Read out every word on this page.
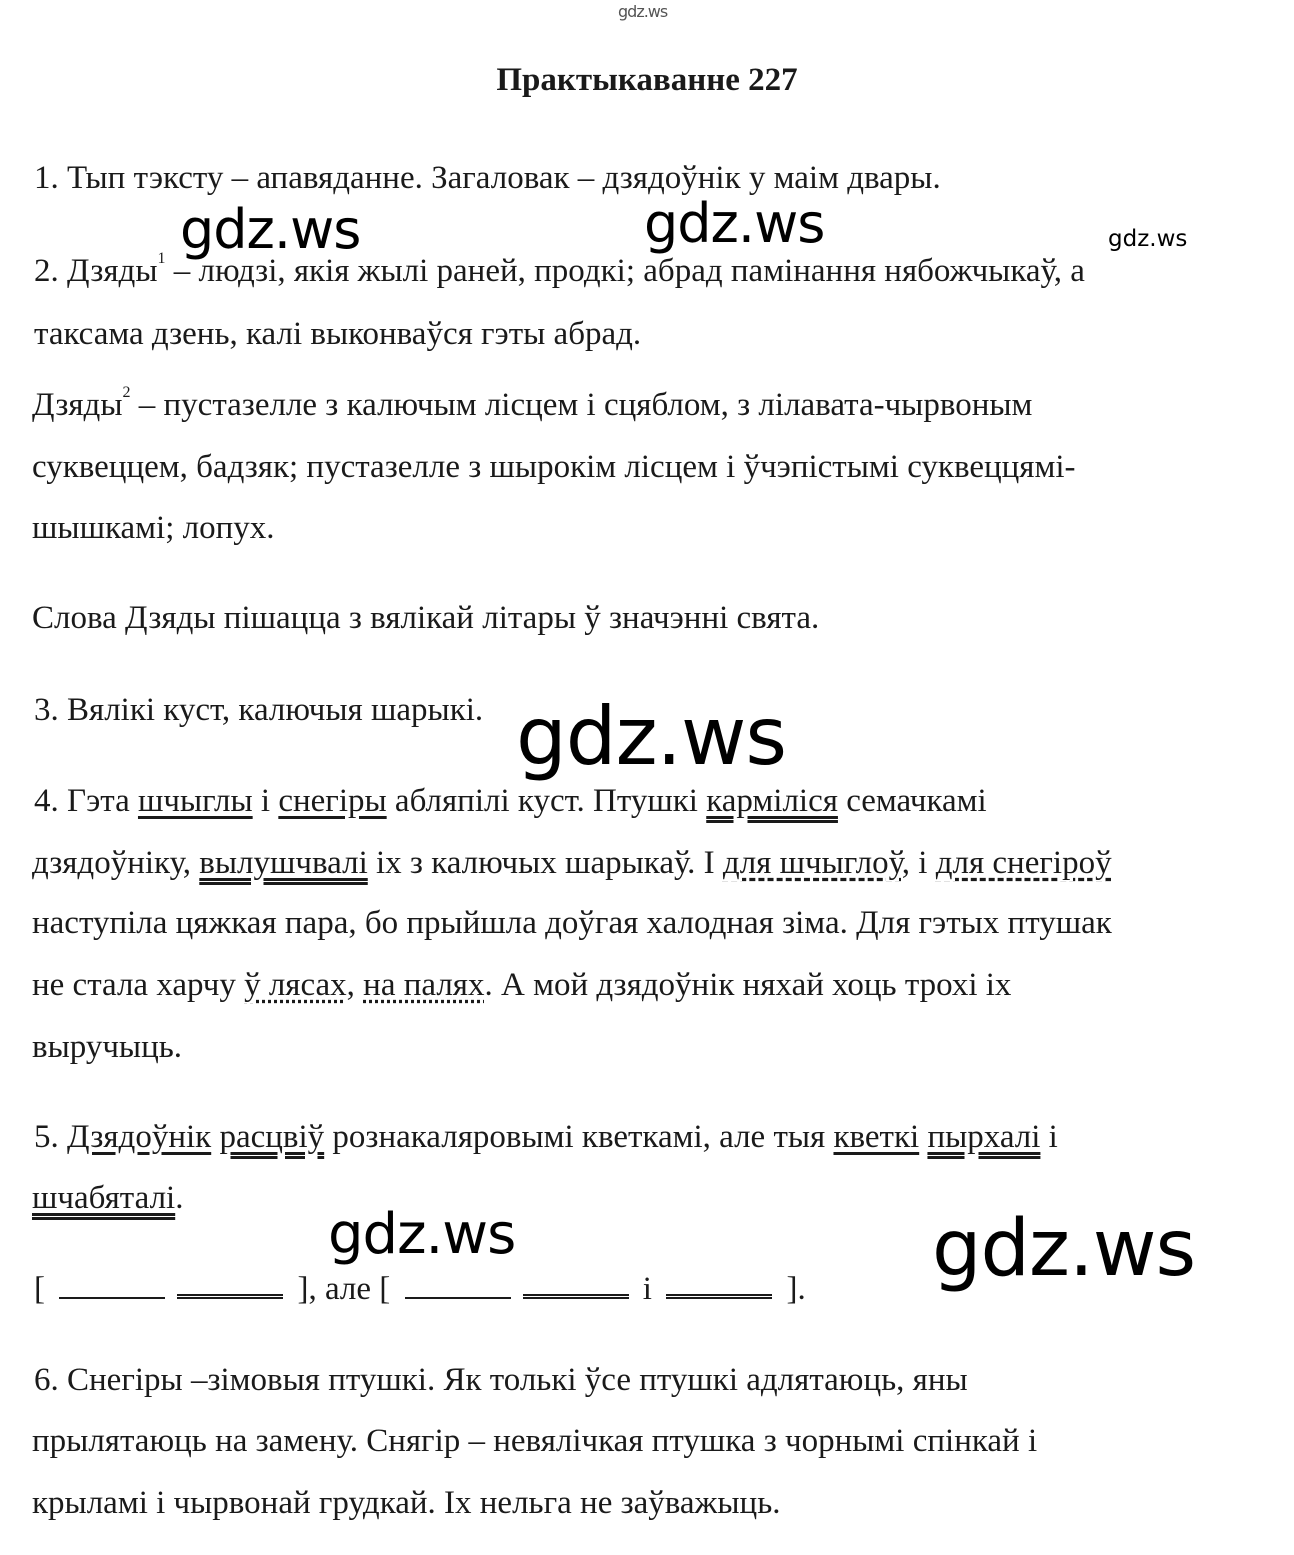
gdz.ws
gdz.ws	gdz.ws	gdz.ws
gdz.ws
gdz.ws	gdz.ws
Практыкаванне 227
1. Тып тэксту – апавяданне. Загаловак – дзядоўнік у маім двары.
2. Дзяды$^1$ – людзі, якія жылі раней, продкі; абрад памінання нябожчыкаў, а
таксама дзень, калі выконваўся гэты абрад.
Дзяды$^2$ – пустазелле з калючым лісцем і сцяблом, з лілавата-чырвоным
суквеццем, бадзяк; пустазелле з шырокім лісцем і ўчэпістымі суквеццямі-
шышкамі; лопух.
Слова Дзяды пішацца з вялікай літары ў значэнні свята.
3. Вялікі куст, калючыя шарыкі.
4. Гэта шчыглы і снегіры абляпілі куст. Птушкі карміліся семачкамі
дзядоўніку, вылушчвалі іх з калючых шарыкаў. І для шчыглоў, і для снегіроў
наступіла цяжкая пара, бо прыйшла доўгая халодная зіма. Для гэтых птушак
не стала харчу ў лясах, на палях. А мой дзядоўнік няхай хоць трохі іх
выручыць.
5. Дзядоўнік расцвіў рознакаляровымі кветкамі, але тыя кветкі пырхалі і
шчабяталі.
[	], але [	і	].
6. Снегіры –зімовыя птушкі. Як толькі ўсе птушкі адлятаюць, яны
прылятаюць на замену. Снягір – невялічкая птушка з чорнымі спінкай і
крыламі і чырвонай грудкай. Іх нельга не заўважыць.
